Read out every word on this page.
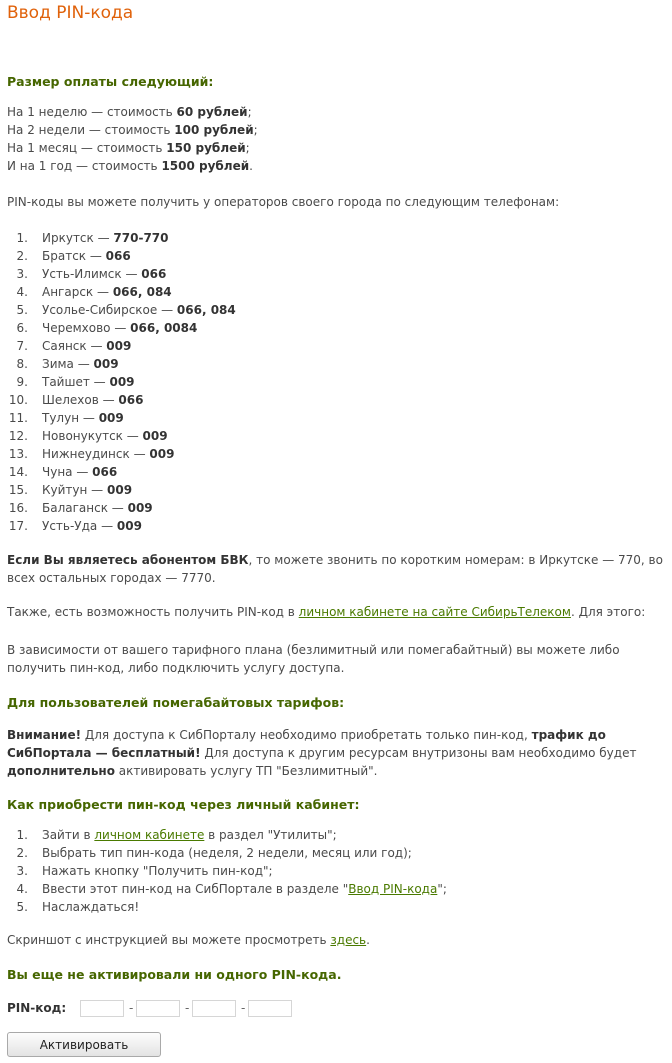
Ввод PIN-кода
Размер оплаты следующий:
На 1 неделю — стоимость 60 рублей;
На 2 недели — стоимость 100 рублей;
На 1 месяц — стоимость 150 рублей;
И на 1 год — стоимость 1500 рублей.
PIN-коды вы можете получить у операторов своего города по следующим телефонам:
1. Иркутск — 770-770
2. Братск — 066
3. Усть-Илимск — 066
4. Ангарск — 066, 084
5. Усолье-Сибирское — 066, 084
6. Черемхово — 066, 0084
7. Саянск — 009
8. Зима — 009
9. Тайшет — 009
10. Шелехов — 066
11. Тулун — 009
12. Новонукутск — 009
13. Нижнеудинск — 009
14. Чуна — 066
15. Куйтун — 009
16. Балаганск — 009
17. Усть-Уда — 009
Если Вы являетесь абонентом БВК, то можете звонить по коротким номерам: в Иркутске — 770, во всех остальных городах — 7770.
Также, есть возможность получить PIN-код в личном кабинете на сайте СибирьТелеком. Для этого:
В зависимости от вашего тарифного плана (безлимитный или помегабайтный) вы можете либо получить пин-код, либо подключить услугу доступа.
Для пользователей помегабайтовых тарифов:
Внимание! Для доступа к СибПорталу необходимо приобретать только пин-код, трафик до СибПортала — бесплатный! Для доступа к другим ресурсам внутризоны вам необходимо будет дополнительно активировать услугу ТП "Безлимитный".
Как приобрести пин-код через личный кабинет:
1. Зайти в личном кабинете в раздел "Утилиты";
2. Выбрать тип пин-кода (неделя, 2 недели, месяц или год);
3. Нажать кнопку "Получить пин-код";
4. Ввести этот пин-код на СибПортале в разделе "Ввод PIN-кода";
5. Наслаждаться!
Скриншот с инструкцией вы можете просмотреть здесь.
Вы еще не активировали ни одного PIN-кода.
PIN-код:	-	-	-
Активировать
